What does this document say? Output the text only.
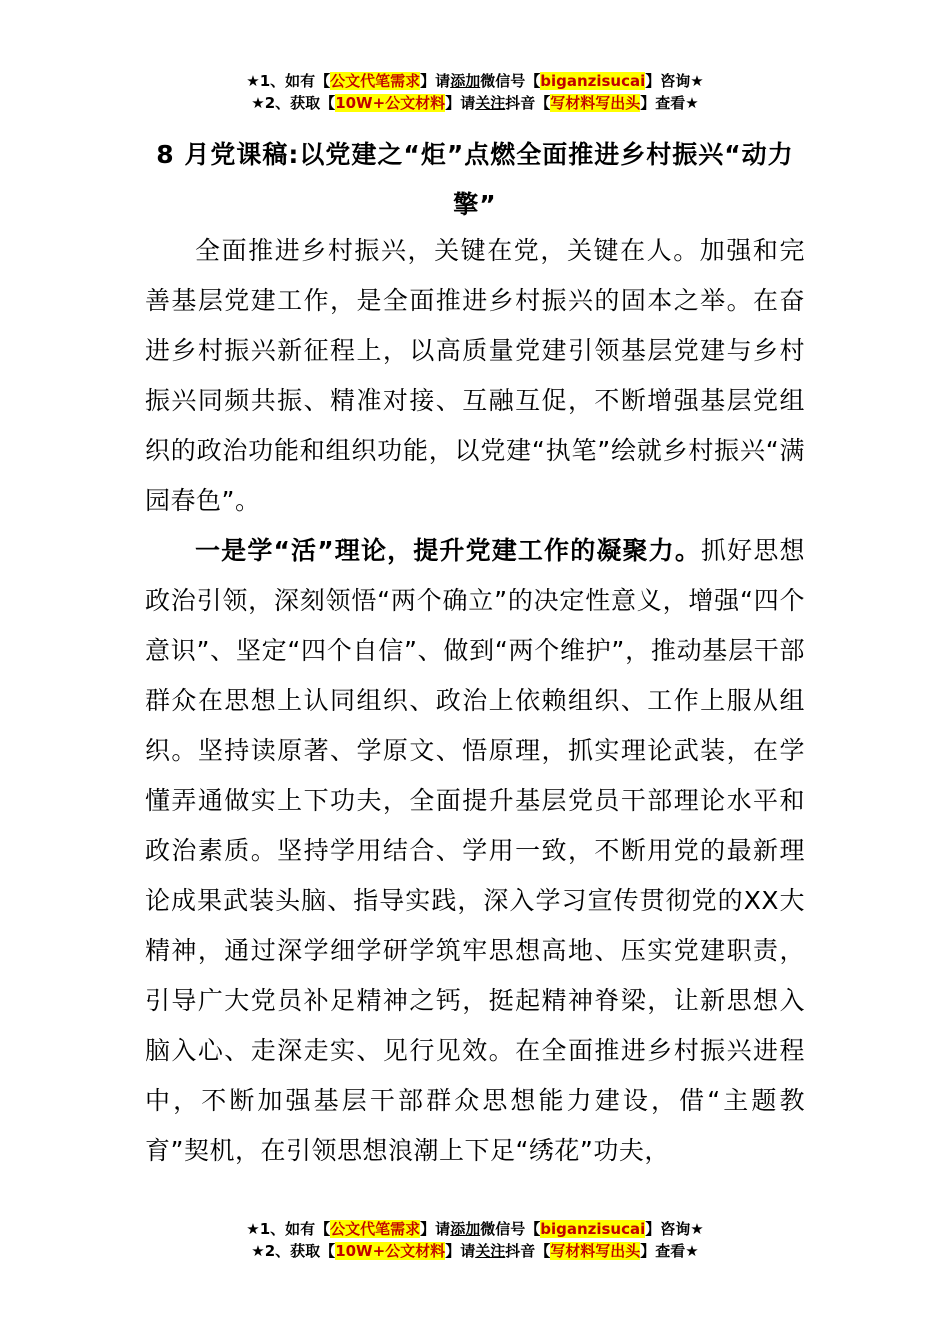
★1、如有【公文代笔需求】请添加微信号【biganzisucai】咨询★
★2、获取【10W+公文材料】请关注抖音【写材料写出头】查看★
8 月党课稿:以党建之“炬”点燃全面推进乡村振兴“动力擎”

全面推进乡村振兴，关键在党，关键在人。加强和完善基层党建工作，是全面推进乡村振兴的固本之举。在奋进乡村振兴新征程上，以高质量党建引领基层党建与乡村振兴同频共振、精准对接、互融互促，不断增强基层党组织的政治功能和组织功能，以党建“执笔”绘就乡村振兴“满园春色”。

一是学“活”理论，提升党建工作的凝聚力。抓好思想政治引领，深刻领悟“两个确立”的决定性意义，增强“四个意识”、坚定“四个自信”、做到“两个维护”，推动基层干部群众在思想上认同组织、政治上依赖组织、工作上服从组织。坚持读原著、学原文、悟原理，抓实理论武装，在学懂弄通做实上下功夫，全面提升基层党员干部理论水平和政治素质。坚持学用结合、学用一致，不断用党的最新理论成果武装头脑、指导实践，深入学习宣传贯彻党的XX大精神，通过深学细学研学筑牢思想高地、压实党建职责，引导广大党员补足精神之钙，挺起精神脊梁，让新思想入脑入心、走深走实、见行见效。在全面推进乡村振兴进程中，不断加强基层干部群众思想能力建设，借“主题教育”契机，在引领思想浪潮上下足“绣花”功夫，

★1、如有【公文代笔需求】请添加微信号【biganzisucai】咨询★
★2、获取【10W+公文材料】请关注抖音【写材料写出头】查看★
